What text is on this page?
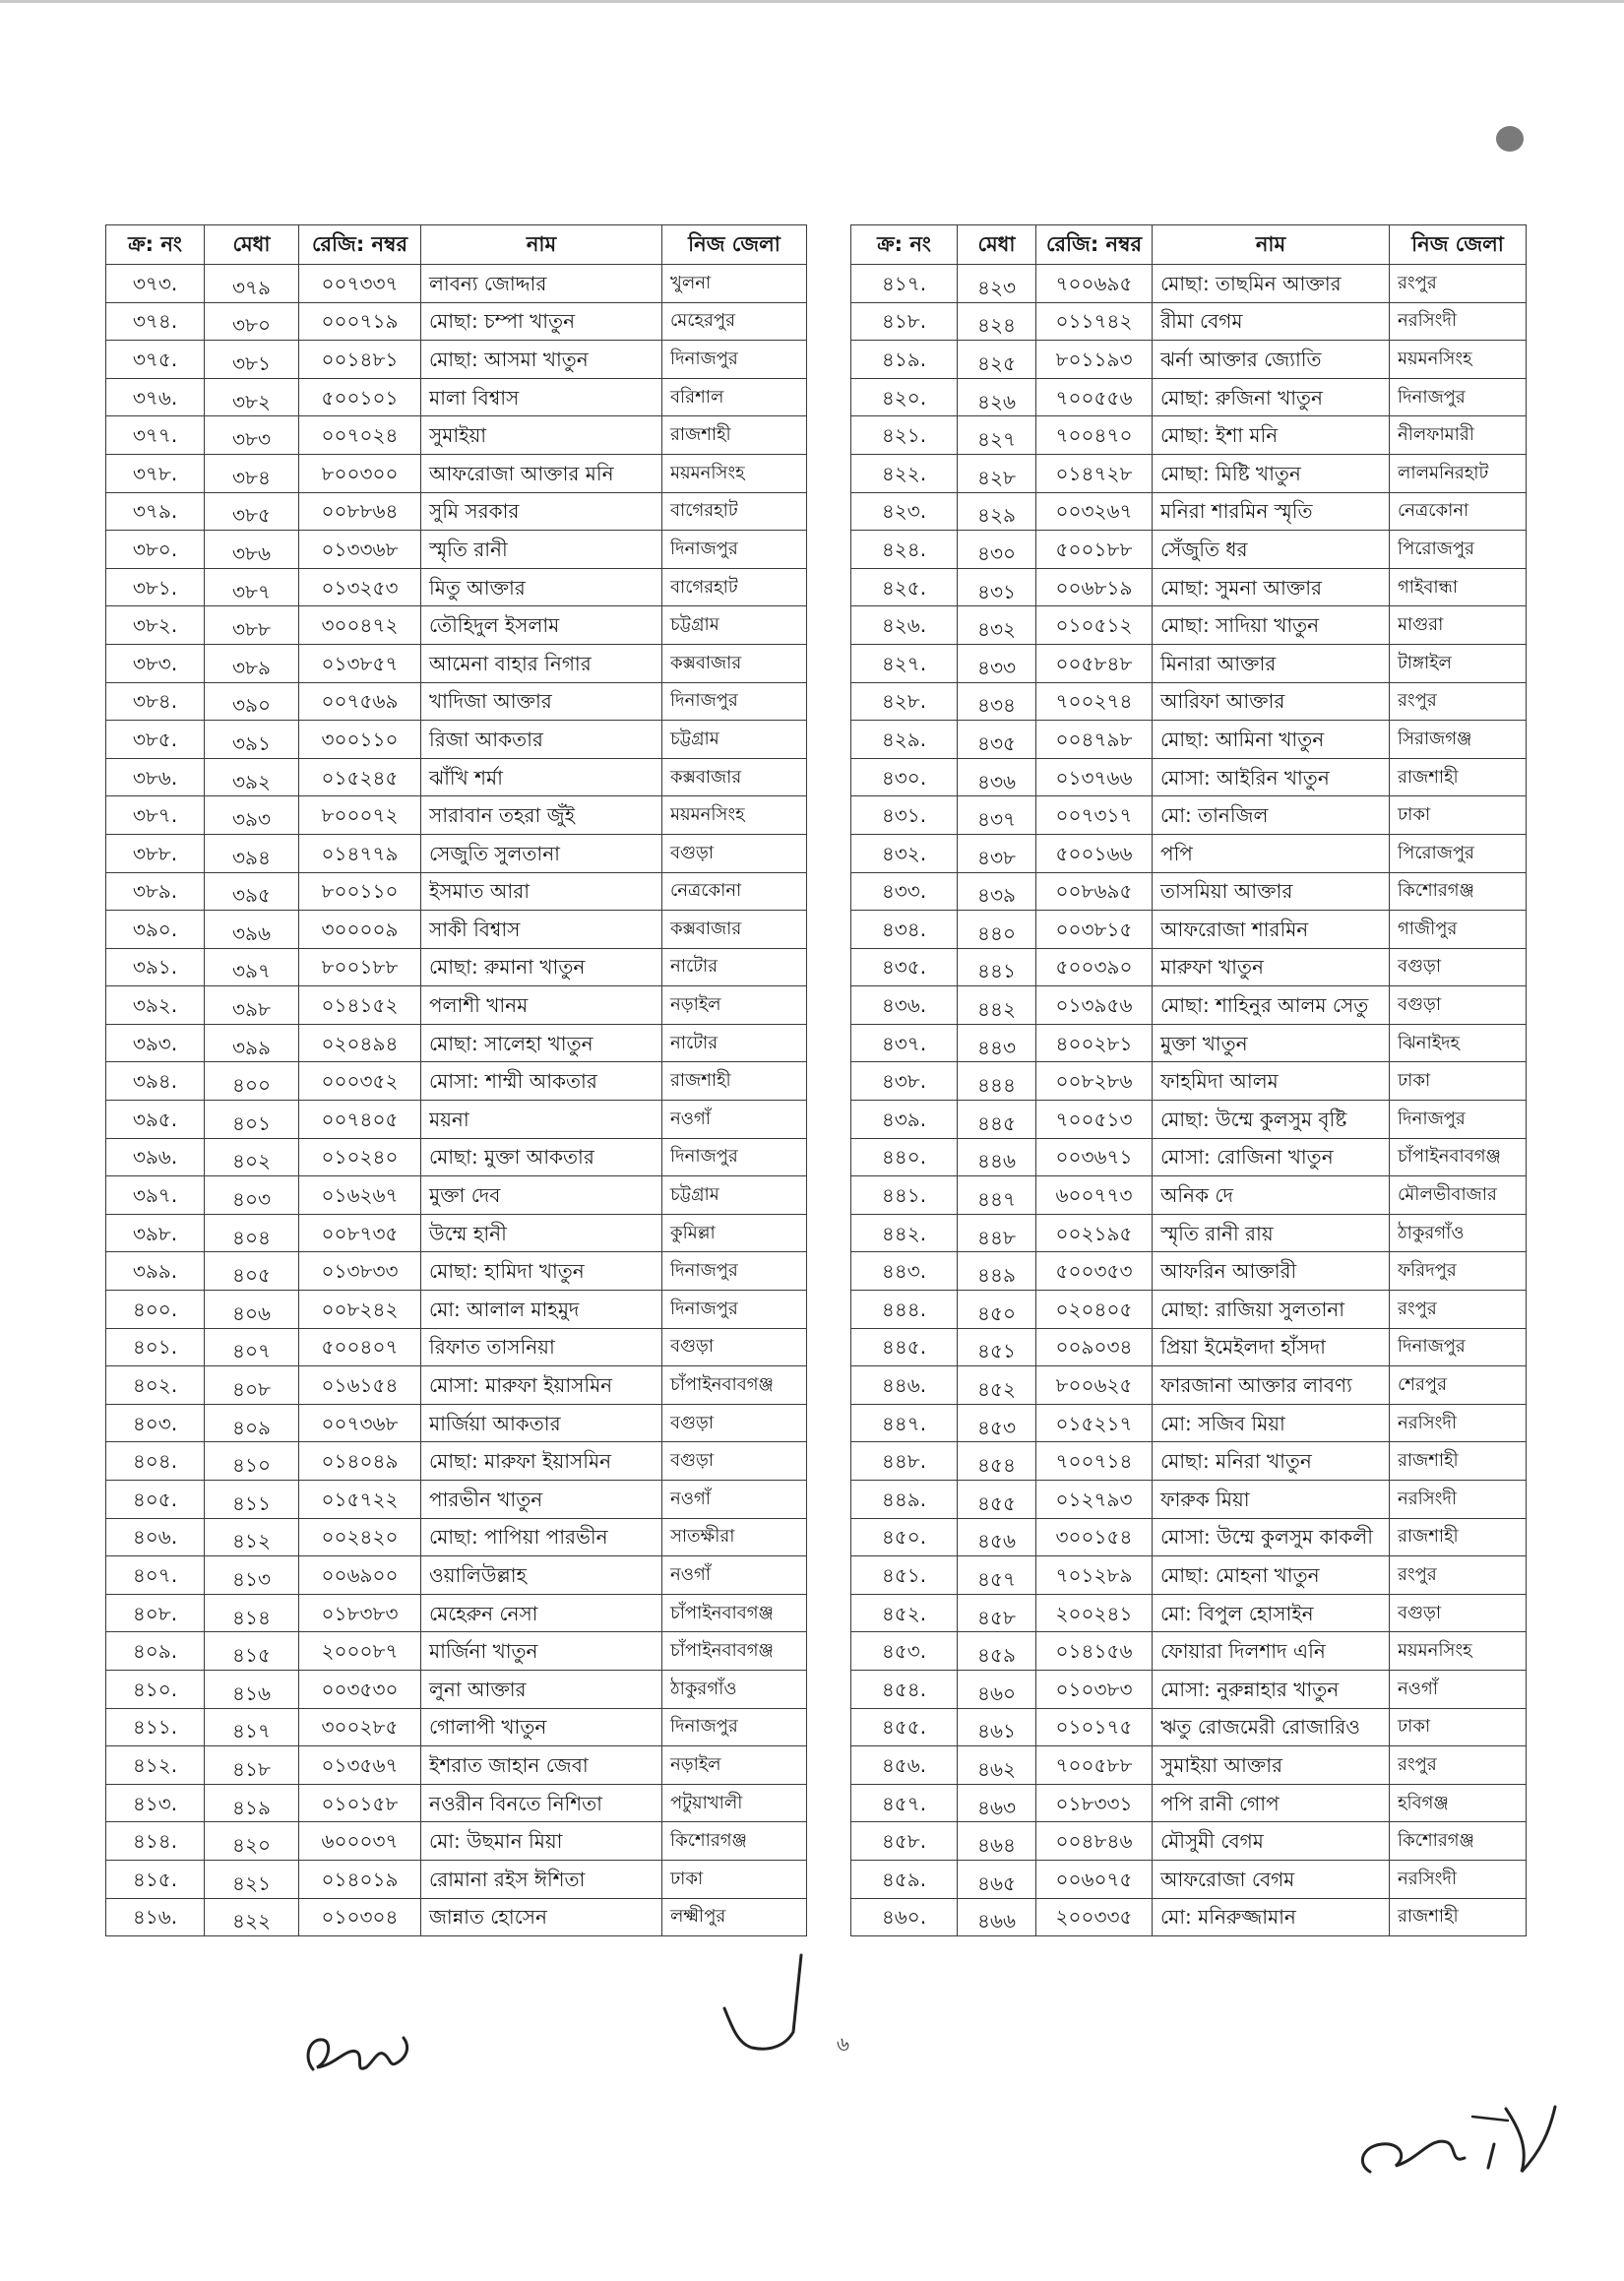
ক্র: নং	মেধা	রেজি: নম্বর	নাম	নিজ জেলা
৩৭৩.	৩৭৯	০০৭৩৩৭	লাবন্য জোদ্দার	খুলনা
৩৭৪.	৩৮০	০০০৭১৯	মোছা: চম্পা খাতুন	মেহেরপুর
৩৭৫.	৩৮১	০০১৪৮১	মোছা: আসমা খাতুন	দিনাজপুর
৩৭৬.	৩৮২	৫০০১০১	মালা বিশ্বাস	বরিশাল
৩৭৭.	৩৮৩	০০৭০২৪	সুমাইয়া	রাজশাহী
৩৭৮.	৩৮৪	৮০০৩০০	আফরোজা আক্তার মনি	ময়মনসিংহ
৩৭৯.	৩৮৫	০০৮৮৬৪	সুমি সরকার	বাগেরহাট
৩৮০.	৩৮৬	০১৩৩৬৮	স্মৃতি রানী	দিনাজপুর
৩৮১.	৩৮৭	০১৩২৫৩	মিতু আক্তার	বাগেরহাট
৩৮২.	৩৮৮	৩০০৪৭২	তৌহিদুল ইসলাম	চট্টগ্রাম
৩৮৩.	৩৮৯	০১৩৮৫৭	আমেনা বাহার নিগার	কক্সবাজার
৩৮৪.	৩৯০	০০৭৫৬৯	খাদিজা আক্তার	দিনাজপুর
৩৮৫.	৩৯১	৩০০১১০	রিজা আকতার	চট্টগ্রাম
৩৮৬.	৩৯২	০১৫২৪৫	ঝাঁখি শর্মা	কক্সবাজার
৩৮৭.	৩৯৩	৮০০০৭২	সারাবান তহরা জুঁই	ময়মনসিংহ
৩৮৮.	৩৯৪	০১৪৭৭৯	সেজুতি সুলতানা	বগুড়া
৩৮৯.	৩৯৫	৮০০১১০	ইসমাত আরা	নেত্রকোনা
৩৯০.	৩৯৬	৩০০০০৯	সাকী বিশ্বাস	কক্সবাজার
৩৯১.	৩৯৭	৮০০১৮৮	মোছা: রুমানা খাতুন	নাটোর
৩৯২.	৩৯৮	০১৪১৫২	পলাশী খানম	নড়াইল
৩৯৩.	৩৯৯	০২০৪৯৪	মোছা: সালেহা খাতুন	নাটোর
৩৯৪.	৪০০	০০০৩৫২	মোসা: শাম্মী আকতার	রাজশাহী
৩৯৫.	৪০১	০০৭৪০৫	ময়না	নওগাঁ
৩৯৬.	৪০২	০১০২৪০	মোছা: মুক্তা আকতার	দিনাজপুর
৩৯৭.	৪০৩	০১৬২৬৭	মুক্তা দেব	চট্টগ্রাম
৩৯৮.	৪০৪	০০৮৭৩৫	উম্মে হানী	কুমিল্লা
৩৯৯.	৪০৫	০১৩৮৩৩	মোছা: হামিদা খাতুন	দিনাজপুর
৪০০.	৪০৬	০০৮২৪২	মো: আলাল মাহমুদ	দিনাজপুর
৪০১.	৪০৭	৫০০৪০৭	রিফাত তাসনিয়া	বগুড়া
৪০২.	৪০৮	০১৬১৫৪	মোসা: মারুফা ইয়াসমিন	চাঁপাইনবাবগঞ্জ
৪০৩.	৪০৯	০০৭৩৬৮	মার্জিয়া আকতার	বগুড়া
৪০৪.	৪১০	০১৪০৪৯	মোছা: মারুফা ইয়াসমিন	বগুড়া
৪০৫.	৪১১	০১৫৭২২	পারভীন খাতুন	নওগাঁ
৪০৬.	৪১২	০০২৪২০	মোছা: পাপিয়া পারভীন	সাতক্ষীরা
৪০৭.	৪১৩	০০৬৯০০	ওয়ালিউল্লাহ	নওগাঁ
৪০৮.	৪১৪	০১৮৩৮৩	মেহেরুন নেসা	চাঁপাইনবাবগঞ্জ
৪০৯.	৪১৫	২০০০৮৭	মার্জিনা খাতুন	চাঁপাইনবাবগঞ্জ
৪১০.	৪১৬	০০৩৫৩০	লুনা আক্তার	ঠাকুরগাঁও
৪১১.	৪১৭	৩০০২৮৫	গোলাপী খাতুন	দিনাজপুর
৪১২.	৪১৮	০১৩৫৬৭	ইশরাত জাহান জেবা	নড়াইল
৪১৩.	৪১৯	০১০১৫৮	নওরীন বিনতে নিশিতা	পটুয়াখালী
৪১৪.	৪২০	৬০০০৩৭	মো: উছমান মিয়া	কিশোরগঞ্জ
৪১৫.	৪২১	০১৪০১৯	রোমানা রইস ঈশিতা	ঢাকা
৪১৬.	৪২২	০১০৩০৪	জান্নাত হোসেন	লক্ষ্মীপুর
ক্র: নং	মেধা	রেজি: নম্বর	নাম	নিজ জেলা
৪১৭.	৪২৩	৭০০৬৯৫	মোছা: তাছমিন আক্তার	রংপুর
৪১৮.	৪২৪	০১১৭৪২	রীমা বেগম	নরসিংদী
৪১৯.	৪২৫	৮০১১৯৩	ঝর্না আক্তার জ্যোতি	ময়মনসিংহ
৪২০.	৪২৬	৭০০৫৫৬	মোছা: রুজিনা খাতুন	দিনাজপুর
৪২১.	৪২৭	৭০০৪৭০	মোছা: ইশা মনি	নীলফামারী
৪২২.	৪২৮	০১৪৭২৮	মোছা: মিষ্টি খাতুন	লালমনিরহাট
৪২৩.	৪২৯	০০৩২৬৭	মনিরা শারমিন স্মৃতি	নেত্রকোনা
৪২৪.	৪৩০	৫০০১৮৮	সেঁজুতি ধর	পিরোজপুর
৪২৫.	৪৩১	০০৬৮১৯	মোছা: সুমনা আক্তার	গাইবান্ধা
৪২৬.	৪৩২	০১০৫১২	মোছা: সাদিয়া খাতুন	মাগুরা
৪২৭.	৪৩৩	০০৫৮৪৮	মিনারা আক্তার	টাঙ্গাইল
৪২৮.	৪৩৪	৭০০২৭৪	আরিফা আক্তার	রংপুর
৪২৯.	৪৩৫	০০৪৭৯৮	মোছা: আমিনা খাতুন	সিরাজগঞ্জ
৪৩০.	৪৩৬	০১৩৭৬৬	মোসা: আইরিন খাতুন	রাজশাহী
৪৩১.	৪৩৭	০০৭৩১৭	মো: তানজিল	ঢাকা
৪৩২.	৪৩৮	৫০০১৬৬	পপি	পিরোজপুর
৪৩৩.	৪৩৯	০০৮৬৯৫	তাসমিয়া আক্তার	কিশোরগঞ্জ
৪৩৪.	৪৪০	০০৩৮১৫	আফরোজা শারমিন	গাজীপুর
৪৩৫.	৪৪১	৫০০৩৯০	মারুফা খাতুন	বগুড়া
৪৩৬.	৪৪২	০১৩৯৫৬	মোছা: শাহিনুর আলম সেতু	বগুড়া
৪৩৭.	৪৪৩	৪০০২৮১	মুক্তা খাতুন	ঝিনাইদহ
৪৩৮.	৪৪৪	০০৮২৮৬	ফাহমিদা আলম	ঢাকা
৪৩৯.	৪৪৫	৭০০৫১৩	মোছা: উম্মে কুলসুম বৃষ্টি	দিনাজপুর
৪৪০.	৪৪৬	০০৩৬৭১	মোসা: রোজিনা খাতুন	চাঁপাইনবাবগঞ্জ
৪৪১.	৪৪৭	৬০০৭৭৩	অনিক দে	মৌলভীবাজার
৪৪২.	৪৪৮	০০২১৯৫	স্মৃতি রানী রায়	ঠাকুরগাঁও
৪৪৩.	৪৪৯	৫০০৩৫৩	আফরিন আক্তারী	ফরিদপুর
৪৪৪.	৪৫০	০২০৪০৫	মোছা: রাজিয়া সুলতানা	রংপুর
৪৪৫.	৪৫১	০০৯০৩৪	প্রিয়া ইমেইলদা হাঁসদা	দিনাজপুর
৪৪৬.	৪৫২	৮০০৬২৫	ফারজানা আক্তার লাবণ্য	শেরপুর
৪৪৭.	৪৫৩	০১৫২১৭	মো: সজিব মিয়া	নরসিংদী
৪৪৮.	৪৫৪	৭০০৭১৪	মোছা: মনিরা খাতুন	রাজশাহী
৪৪৯.	৪৫৫	০১২৭৯৩	ফারুক মিয়া	নরসিংদী
৪৫০.	৪৫৬	৩০০১৫৪	মোসা: উম্মে কুলসুম কাকলী	রাজশাহী
৪৫১.	৪৫৭	৭০১২৮৯	মোছা: মোহনা খাতুন	রংপুর
৪৫২.	৪৫৮	২০০২৪১	মো: বিপুল হোসাইন	বগুড়া
৪৫৩.	৪৫৯	০১৪১৫৬	ফোয়ারা দিলশাদ এনি	ময়মনসিংহ
৪৫৪.	৪৬০	০১০৩৮৩	মোসা: নুরুন্নাহার খাতুন	নওগাঁ
৪৫৫.	৪৬১	০১০১৭৫	ঋতু রোজমেরী রোজারিও	ঢাকা
৪৫৬.	৪৬২	৭০০৫৮৮	সুমাইয়া আক্তার	রংপুর
৪৫৭.	৪৬৩	০১৮৩৩১	পপি রানী গোপ	হবিগঞ্জ
৪৫৮.	৪৬৪	০০৪৮৪৬	মৌসুমী বেগম	কিশোরগঞ্জ
৪৫৯.	৪৬৫	০০৬০৭৫	আফরোজা বেগম	নরসিংদী
৪৬০.	৪৬৬	২০০৩৩৫	মো: মনিরুজ্জামান	রাজশাহী
৬
